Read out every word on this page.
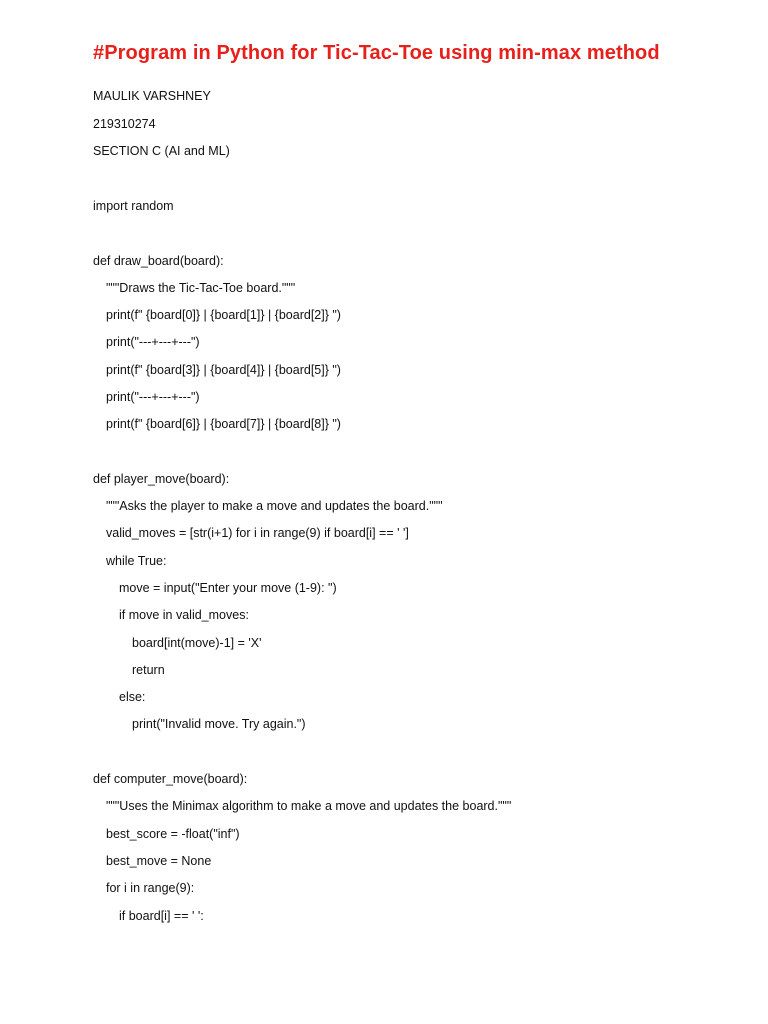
#Program in Python for Tic-Tac-Toe using min-max method
MAULIK VARSHNEY
219310274
SECTION C (AI and ML)
import random
def draw_board(board):
"""Draws the Tic-Tac-Toe board."""
print(f" {board[0]} | {board[1]} | {board[2]} ")
print("---+---+---")
print(f" {board[3]} | {board[4]} | {board[5]} ")
print("---+---+---")
print(f" {board[6]} | {board[7]} | {board[8]} ")
def player_move(board):
"""Asks the player to make a move and updates the board."""
valid_moves = [str(i+1) for i in range(9) if board[i] == ' ']
while True:
move = input("Enter your move (1-9): ")
if move in valid_moves:
board[int(move)-1] = 'X'
return
else:
print("Invalid move. Try again.")
def computer_move(board):
"""Uses the Minimax algorithm to make a move and updates the board."""
best_score = -float("inf")
best_move = None
for i in range(9):
if board[i] == ' ':
